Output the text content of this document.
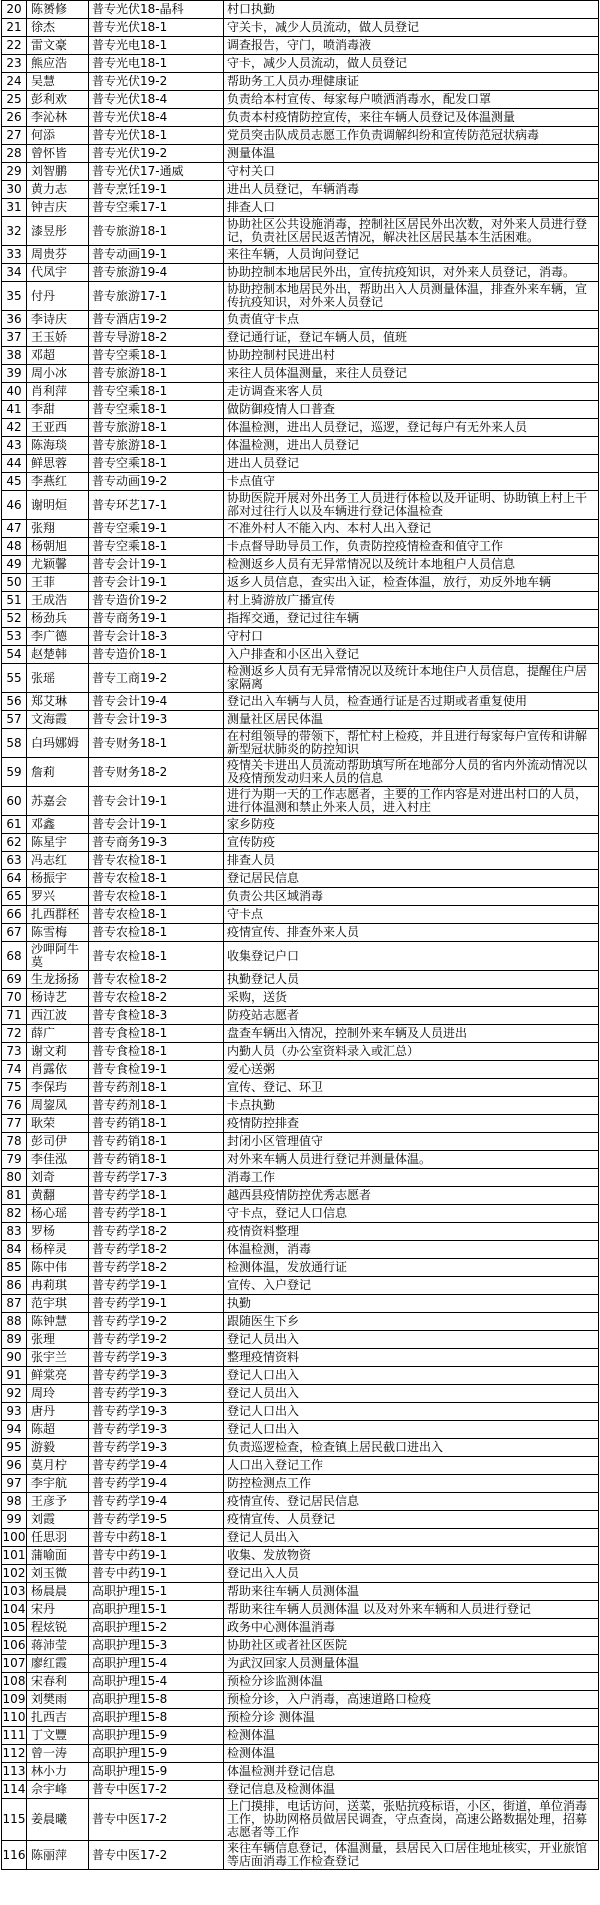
20	陈赟修	普专光伏18-晶科	村口执勤
21	徐杰	普专光伏18-1	守关卡，减少人员流动，做人员登记
22	雷文豪	普专光电18-1	调查报告，守门，喷消毒液
23	熊应浩	普专光电18-1	守卡，减少人员流动，做人员登记
24	吴慧	普专光伏19-2	帮助务工人员办理健康证
25	彭利欢	普专光伏18-4	负责给本村宣传、每家每户喷洒消毒水，配发口罩
26	李沁林	普专光伏18-4	负责本村疫情防控宣传，来往车辆人员登记及体温测量
27	何添	普专光伏18-1	党员突击队成员志愿工作负责调解纠纷和宣传防范冠状病毒
28	曾怀皆	普专光伏19-2	测量体温
29	刘智鹏	普专光伏17-通威	守村关口
30	黄力志	普专烹饪19-1	进出人员登记，车辆消毒
31	钟吉庆	普专空乘17-1	排查人口
32	漆昱彤	普专旅游18-1	协助社区公共设施消毒，控制社区居民外出次数，对外来人员进行登记，负责社区居民返苦情况，解决社区居民基本生活困难。
33	周贵芬	普专动画19-1	来往车辆，人员询问登记
34	代凤宇	普专旅游19-4	协助控制本地居民外出，宣传抗疫知识，对外来人员登记，消毒。
35	付丹	普专旅游17-1	协助控制本地居民外出，帮助出入人员测量体温，排查外来车辆，宣传抗疫知识，对外来人员登记
36	李诗庆	普专酒店19-2	负责值守卡点
37	王玉娇	普专导游18-2	登记通行证，登记车辆人员，值班
38	邓超	普专空乘18-1	协助控制村民进出村
39	周小冰	普专旅游18-1	来往人员体温测量，来往人员登记
40	肖利萍	普专空乘18-1	走访调查来客人员
41	李甜	普专空乘18-1	做防御疫情人口普查
42	王亚西	普专旅游18-1	体温检测，进出人员登记，巡逻，登记每户有无外来人员
43	陈海琰	普专旅游18-1	体温检测，进出人员登记
44	鲜思蓉	普专空乘18-1	进出人员登记
45	李燕红	普专动画19-2	卡点值守
46	谢明烜	普专环艺17-1	协助医院开展对外出务工人员进行体检以及开证明、协助镇上村上干部对过往行人以及车辆进行登记体温检查
47	张翔	普专空乘19-1	不准外村人不能入内、本村人出入登记
48	杨朝旭	普专空乘18-1	卡点督导助导员工作，负责防控疫情检查和值守工作
49	尤颖馨	普专会计19-1	检测返乡人员有无异常情况以及统计本地租户人员信息
50	王菲	普专会计19-1	返乡人员信息，查实出入证，检查体温，放行，劝反外地车辆
51	王成浩	普专造价19-2	村上骑游放广播宣传
52	杨劲兵	普专商务19-1	指挥交通，登记过往车辆
53	李广德	普专会计18-3	守村口
54	赵楚韩	普专造价18-1	入户排查和小区出入登记
55	张瑶	普专工商19-2	检测返乡人员有无异常情况以及统计本地住户人员信息，提醒住户居家隔离
56	郑艾琳	普专会计19-4	登记出入车辆与人员，检查通行证是否过期或者重复使用
57	文海霞	普专会计19-3	测量社区居民体温
58	白玛娜姆	普专财务18-1	在村组领导的带领下，帮忙村上检疫，并且进行每家每户宣传和讲解新型冠状肺炎的防控知识
59	詹莉	普专财务18-2	疫情关卡进出人员流动帮助填写所在地部分人员的省内外流动情况以及疫情预发动归来人员的信息
60	苏嘉会	普专会计19-1	进行为期一天的工作志愿者，主要的工作内容是对进出村口的人员，进行体温测和禁止外来人员，进入村庄
61	邓鑫	普专会计19-1	家乡防疫
62	陈星宇	普专商务19-3	宣传防疫
63	冯志红	普专农检18-1	排查人员
64	杨振宇	普专农检18-1	登记居民信息
65	罗兴	普专农检18-1	负责公共区域消毒
66	扎西群秠	普专农检18-1	守卡点
67	陈雪梅	普专农检18-1	疫情宣传、排查外来人员
68	沙呷阿牛莫	普专农检18-1	收集登记户口
69	生龙扬扬	普专农检18-2	执勤登记人员
70	杨诗艺	普专农检18-2	采购，送货
71	西江波	普专食检18-3	防疫站志愿者
72	薛广	普专食检18-1	盘查车辆出入情况，控制外来车辆及人员进出
73	谢文莉	普专食检18-1	内勤人员（办公室资料录入或汇总）
74	肖露依	普专食检19-1	爱心送粥
75	李保玙	普专药剂18-1	宣传、登记、环卫
76	周鋆凤	普专药剂18-1	卡点执勤
77	耿荣	普专药销18-1	疫情防控排查
78	彭司伊	普专药销18-1	封闭小区管理值守
79	李佳泓	普专药销18-1	对外来车辆人员进行登记并测量体温。
80	刘奇	普专药学17-3	消毒工作
81	黄翻	普专药学18-1	越西县疫情防控优秀志愿者
82	杨心瑶	普专药学18-1	守卡点，登记人口信息
83	罗杨	普专药学18-2	疫情资料整理
84	杨梓灵	普专药学18-2	体温检测，消毒
85	陈中伟	普专药学18-2	检测体温，发放通行证
86	冉莉琪	普专药学19-1	宣传、入户登记
87	范宇琪	普专药学19-1	执勤
88	陈钟慧	普专药学19-2	跟随医生下乡
89	张理	普专药学19-2	登记人员出入
90	张宇兰	普专药学19-3	整理疫情资料
91	鲜棠亮	普专药学19-3	登记人口出入
92	周玲	普专药学19-3	登记人员出入
93	唐丹	普专药学19-3	登记人口出入
94	陈超	普专药学19-3	登记人口出入
95	游毅	普专药学19-3	负责巡逻检查，检查镇上居民截口进出入
96	莫月柠	普专药学19-4	人口出入登记工作
97	李宇航	普专药学19-4	防控检测点工作
98	王彦予	普专药学19-4	疫情宣传、登记居民信息
99	刘霞	普专药学19-5	疫情宣传、人员登记
100	任思羽	普专中药18-1	登记人员出入
101	蒲喻面	普专中药19-1	收集、发放物资
102	刘玉微	普专中药19-1	登记出入人员
103	杨晨晨	高职护理15-1	帮助来往车辆人员测体温
104	宋丹	高职护理15-1	帮助来往车辆人员测体温 以及对外来车辆和人员进行登记
105	程炫锐	高职护理15-2	政务中心测体温消毒
106	蒋沛莹	高职护理15-3	协助社区或者社区医院
107	廖红霞	高职护理15-4	为武汉回家人员测量体温
108	宋春利	高职护理15-4	预检分诊监测体温
109	刘樊雨	高职护理15-8	预检分诊，入户消毒，高速道路口检疫
110	扎西吉	高职护理15-8	预检分诊 测体温
111	丁文豐	高职护理15-9	检测体温
112	曾一涛	高职护理15-9	检测体温
113	林小力	高职护理15-9	体温检测并登记信息
114	佘宇峰	普专中医17-2	登记信息及检测体温
115	姜晨曦	普专中医17-2	上门摸排，电话访问，送菜，张贴抗疫标语，小区，街道，单位消毒工作，协助网格员做居民调查，守点查岗，高速公路数据处理，招募志愿者等工作
116	陈丽萍	普专中医17-2	来往车辆信息登记，体温测量，县居民入口居住地址核实，开业旅馆等店面消毒工作检查登记
